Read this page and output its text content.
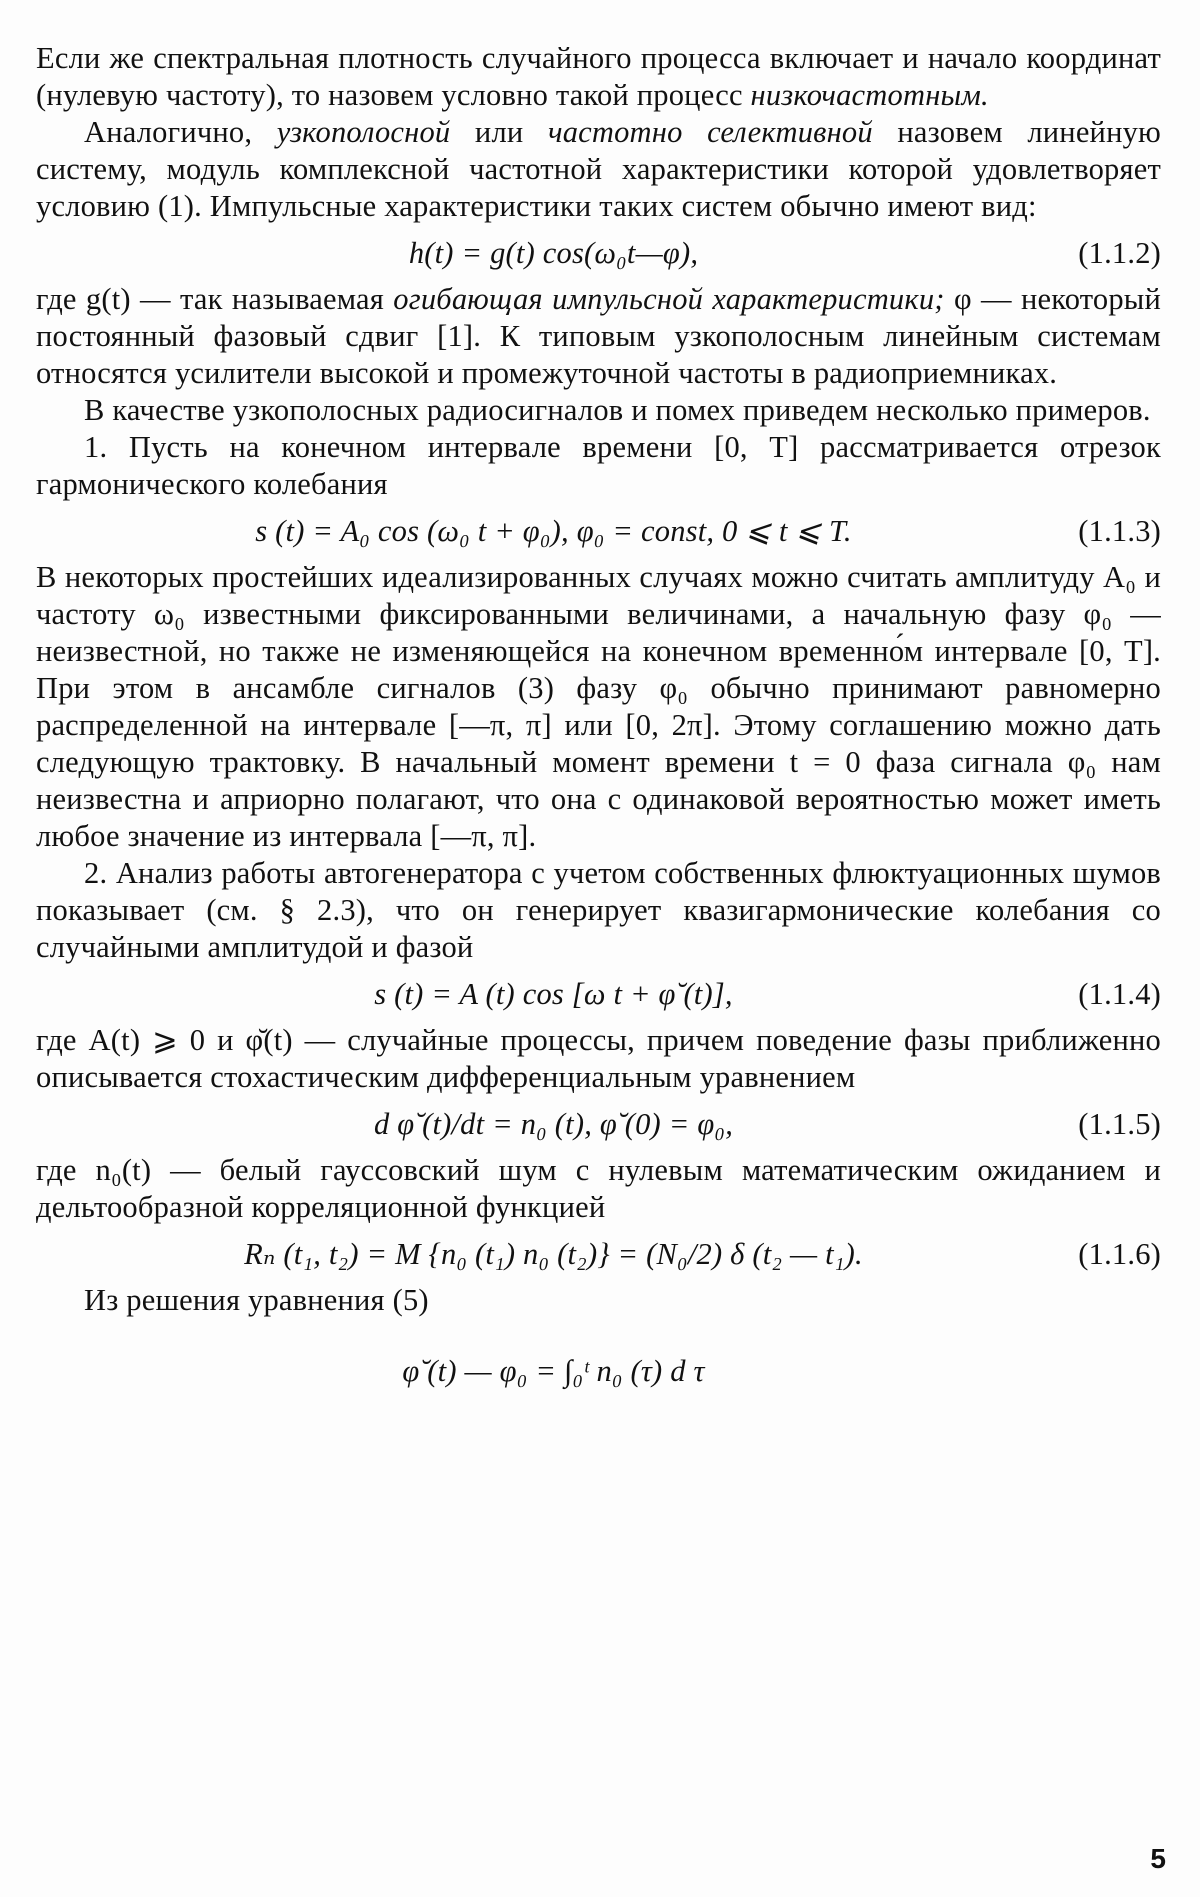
Если же спектральная плотность случайного процесса включает и начало координат (нулевую частоту), то назовем условно такой процесс низкочастотным.

Аналогично, узкополосной или частотно селективной назовем линейную систему, модуль комплексной частотной характеристики которой удовлетворяет условию (1). Импульсные характеристики таких систем обычно имеют вид:

h(t) = g(t) cos(ω₀t—φ),	(1.1.2)

где g(t) — так называемая огибающая импульсной характеристики; φ — некоторый постоянный фазовый сдвиг [1]. К типовым узкополосным линейным системам относятся усилители высокой и промежуточной частоты в радиоприемниках.

В качестве узкополосных радиосигналов и помех приведем несколько примеров.

1. Пусть на конечном интервале времени [0, T] рассматривается отрезок гармонического колебания

s (t) = A₀ cos (ω₀ t + φ₀), φ₀ = const, 0 ⩽ t ⩽ T.	(1.1.3)

В некоторых простейших идеализированных случаях можно считать амплитуду A₀ и частоту ω₀ известными фиксированными величинами, а начальную фазу φ₀ — неизвестной, но также не изменяющейся на конечном временно́м интервале [0, T]. При этом в ансамбле сигналов (3) фазу φ₀ обычно принимают равномерно распределенной на интервале [—π, π] или [0, 2π]. Этому соглашению можно дать следующую трактовку. В начальный момент времени t = 0 фаза сигнала φ₀ нам неизвестна и априорно полагают, что она с одинаковой вероятностью может иметь любое значение из интервала [—π, π].

2. Анализ работы автогенератора с учетом собственных флюктуационных шумов показывает (см. § 2.3), что он генерирует квазигармонические колебания со случайными амплитудой и фазой

s (t) = A (t) cos [ω t + φ̆ (t)],	(1.1.4)

где A(t) ⩾ 0 и φ̆(t) — случайные процессы, причем поведение фазы приближенно описывается стохастическим дифференциальным уравнением

d φ̆ (t)/dt = n₀ (t), φ̆ (0) = φ₀,	(1.1.5)

где n₀(t) — белый гауссовский шум с нулевым математическим ожиданием и дельтообразной корреляционной функцией

Rₙ (t₁, t₂) = M {n₀ (t₁) n₀ (t₂)} = (N₀/2) δ (t₂ — t₁).	(1.1.6)

Из решения уравнения (5)

φ̆ (t) — φ₀ = ∫₀ᵗ n₀ (τ) d τ
5
